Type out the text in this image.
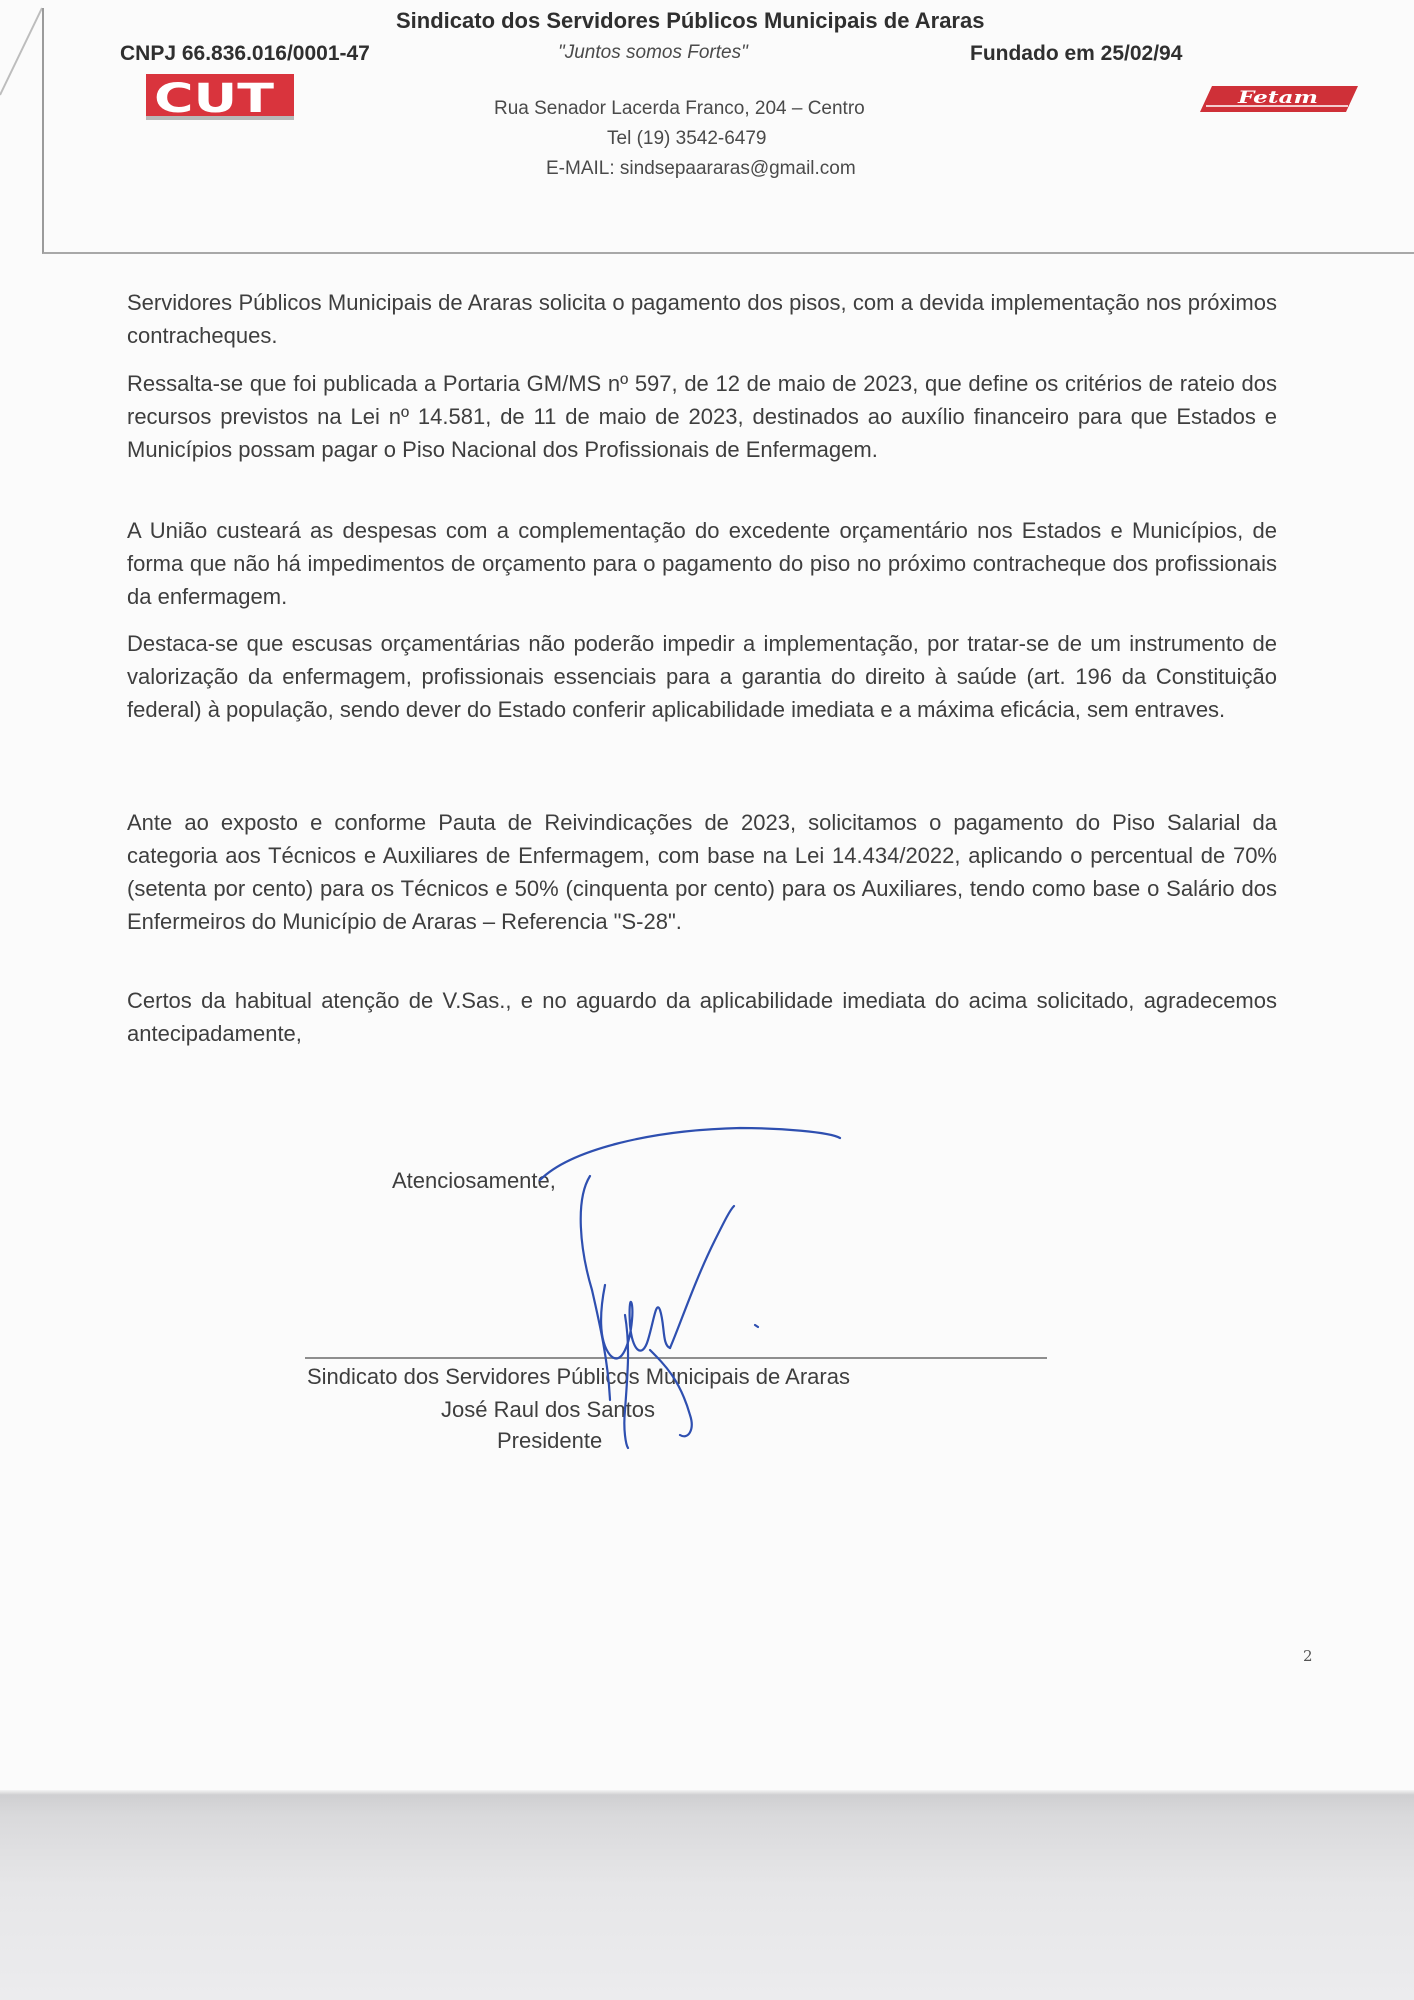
Sindicato dos Servidores Públicos Municipais de Araras
CNPJ 66.836.016/0001-47	"Juntos somos Fortes"	Fundado em 25/02/94
CUT	Fetam
Rua Senador Lacerda Franco, 204 – Centro
Tel (19) 3542-6479
E-MAIL: sindsepaararas@gmail.com

Servidores Públicos Municipais de Araras solicita o pagamento dos pisos, com a devida implementação nos próximos contracheques.

Ressalta-se que foi publicada a Portaria GM/MS nº 597, de 12 de maio de 2023, que define os critérios de rateio dos recursos previstos na Lei nº 14.581, de 11 de maio de 2023, destinados ao auxílio financeiro para que Estados e Municípios possam pagar o Piso Nacional dos Profissionais de Enfermagem.

A União custeará as despesas com a complementação do excedente orçamentário nos Estados e Municípios, de forma que não há impedimentos de orçamento para o pagamento do piso no próximo contracheque dos profissionais da enfermagem.

Destaca-se que escusas orçamentárias não poderão impedir a implementação, por tratar-se de um instrumento de valorização da enfermagem, profissionais essenciais para a garantia do direito à saúde (art. 196 da Constituição federal) à população, sendo dever do Estado conferir aplicabilidade imediata e a máxima eficácia, sem entraves.

Ante ao exposto e conforme Pauta de Reivindicações de 2023, solicitamos o pagamento do Piso Salarial da categoria aos Técnicos e Auxiliares de Enfermagem, com base na Lei 14.434/2022, aplicando o percentual de 70% (setenta por cento) para os Técnicos e 50% (cinquenta por cento) para os Auxiliares, tendo como base o Salário dos Enfermeiros do Município de Araras – Referencia "S-28".

Certos da habitual atenção de V.Sas., e no aguardo da aplicabilidade imediata do acima solicitado, agradecemos antecipadamente,

Atenciosamente,
Sindicato dos Servidores Públicos Municipais de Araras
José Raul dos Santos
Presidente
2
